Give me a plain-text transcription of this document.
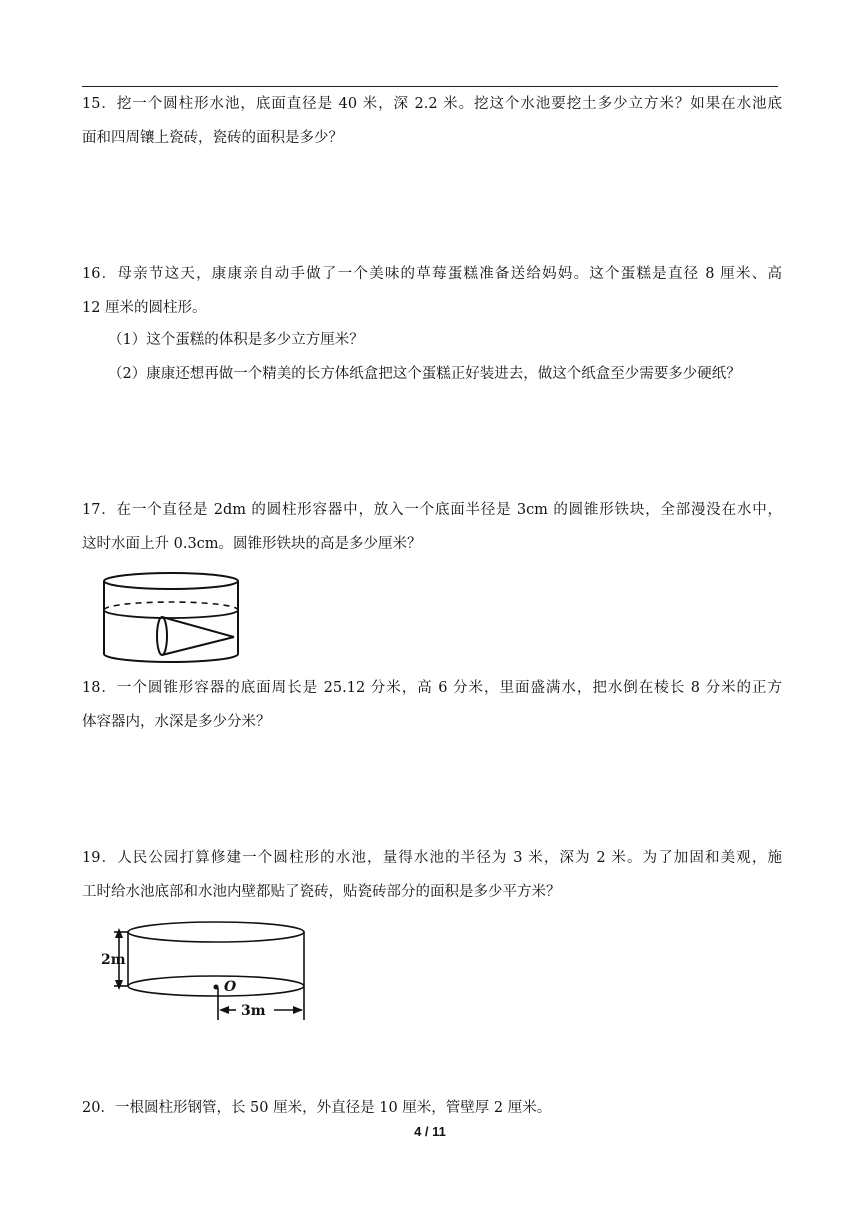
15．挖一个圆柱形水池，底面直径是 40 米，深 2.2 米。挖这个水池要挖土多少立方米？如果在水池底
面和四周镶上瓷砖，瓷砖的面积是多少？
16．母亲节这天，康康亲自动手做了一个美味的草莓蛋糕准备送给妈妈。这个蛋糕是直径 8 厘米、高
12 厘米的圆柱形。
（1）这个蛋糕的体积是多少立方厘米？
（2）康康还想再做一个精美的长方体纸盒把这个蛋糕正好装进去，做这个纸盒至少需要多少硬纸？
17．在一个直径是 2dm 的圆柱形容器中，放入一个底面半径是 3cm 的圆锥形铁块，全部漫没在水中，
这时水面上升 0.3cm。圆锥形铁块的高是多少厘米？
18．一个圆锥形容器的底面周长是 25.12 分米，高 6 分米，里面盛满水，把水倒在棱长 8 分米的正方
体容器内，水深是多少分米？
19．人民公园打算修建一个圆柱形的水池，量得水池的半径为 3 米，深为 2 米。为了加固和美观，施
工时给水池底部和水池内壁都贴了瓷砖，贴瓷砖部分的面积是多少平方米？
2m
O
3m
20．一根圆柱形钢管，长 50 厘米，外直径是 10 厘米，管壁厚 2 厘米。
4 / 11
